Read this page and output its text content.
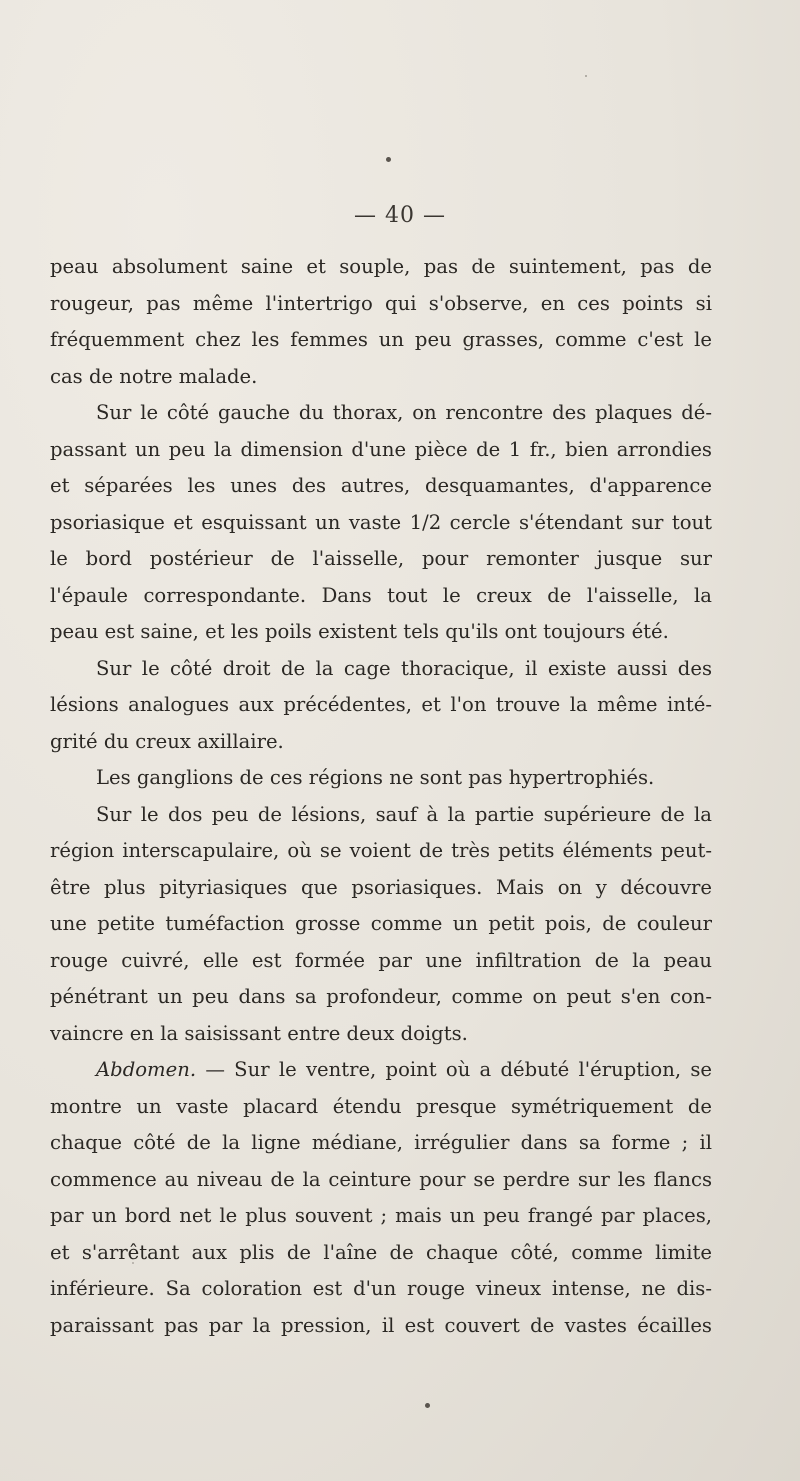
— 40 —
peau absolument saine et souple, pas de suintement, pas de
rougeur, pas même l'intertrigo qui s'observe, en ces points si
fréquemment chez les femmes un peu grasses, comme c'est le
cas de notre malade.
Sur le côté gauche du thorax, on rencontre des plaques dé-
passant un peu la dimension d'une pièce de 1 fr., bien arrondies
et séparées les unes des autres, desquamantes, d'apparence
psoriasique et esquissant un vaste 1/2 cercle s'étendant sur tout
le bord postérieur de l'aisselle, pour remonter jusque sur
l'épaule correspondante. Dans tout le creux de l'aisselle, la
peau est saine, et les poils existent tels qu'ils ont toujours été.
Sur le côté droit de la cage thoracique, il existe aussi des
lésions analogues aux précédentes, et l'on trouve la même inté-
grité du creux axillaire.
Les ganglions de ces régions ne sont pas hypertrophiés.
Sur le dos peu de lésions, sauf à la partie supérieure de la
région interscapulaire, où se voient de très petits éléments peut-
être plus pityriasiques que psoriasiques. Mais on y découvre
une petite tuméfaction grosse comme un petit pois, de couleur
rouge cuivré, elle est formée par une infiltration de la peau
pénétrant un peu dans sa profondeur, comme on peut s'en con-
vaincre en la saisissant entre deux doigts.
Abdomen. — Sur le ventre, point où a débuté l'éruption, se
montre un vaste placard étendu presque symétriquement de
chaque côté de la ligne médiane, irrégulier dans sa forme ; il
commence au niveau de la ceinture pour se perdre sur les flancs
par un bord net le plus souvent ; mais un peu frangé par places,
et s'arrêtant aux plis de l'aîne de chaque côté, comme limite
inférieure. Sa coloration est d'un rouge vineux intense, ne dis-
paraissant pas par la pression, il est couvert de vastes écailles
